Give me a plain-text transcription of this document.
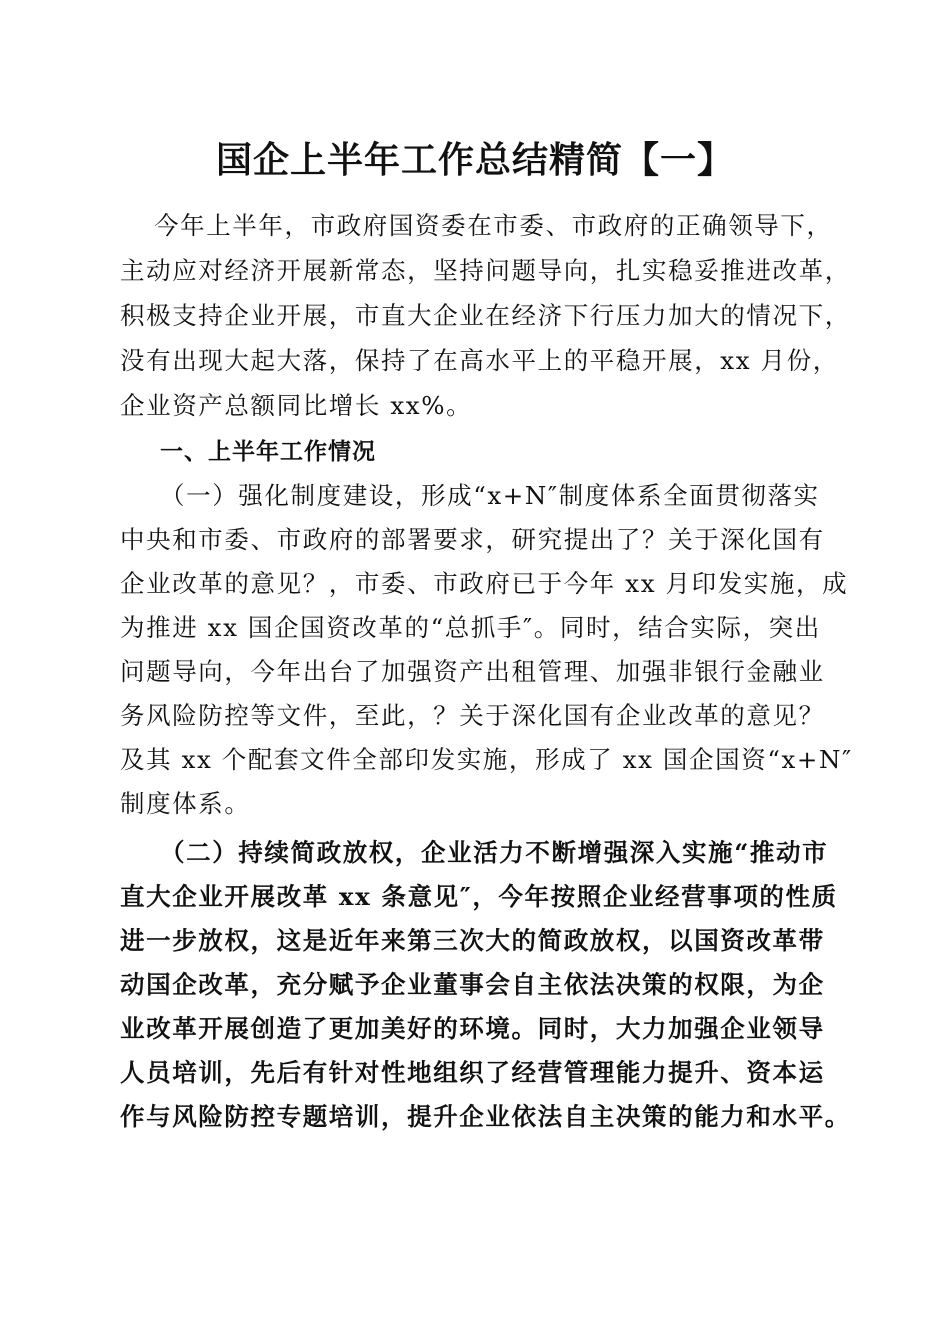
国企上半年工作总结精简【一】
今年上半年，市政府国资委在市委、市政府的正确领导下，
主动应对经济开展新常态，坚持问题导向，扎实稳妥推进改革，
积极支持企业开展，市直大企业在经济下行压力加大的情况下，
没有出现大起大落，保持了在高水平上的平稳开展，xx 月份，
企业资产总额同比增长 xx%。
一、上半年工作情况
（一）强化制度建设，形成“x+N″制度体系全面贯彻落实
中央和市委、市政府的部署要求，研究提出了？关于深化国有
企业改革的意见？，市委、市政府已于今年 xx 月印发实施，成
为推进 xx 国企国资改革的“总抓手″。同时，结合实际，突出
问题导向，今年出台了加强资产出租管理、加强非银行金融业
务风险防控等文件，至此，？关于深化国有企业改革的意见？
及其 xx 个配套文件全部印发实施，形成了 xx 国企国资“x+N″
制度体系。
（二）持续简政放权，企业活力不断增强深入实施“推动市
直大企业开展改革 xx 条意见″，今年按照企业经营事项的性质
进一步放权，这是近年来第三次大的简政放权，以国资改革带
动国企改革，充分赋予企业董事会自主依法决策的权限，为企
业改革开展创造了更加美好的环境。同时，大力加强企业领导
人员培训，先后有针对性地组织了经营管理能力提升、资本运
作与风险防控专题培训，提升企业依法自主决策的能力和水平。
